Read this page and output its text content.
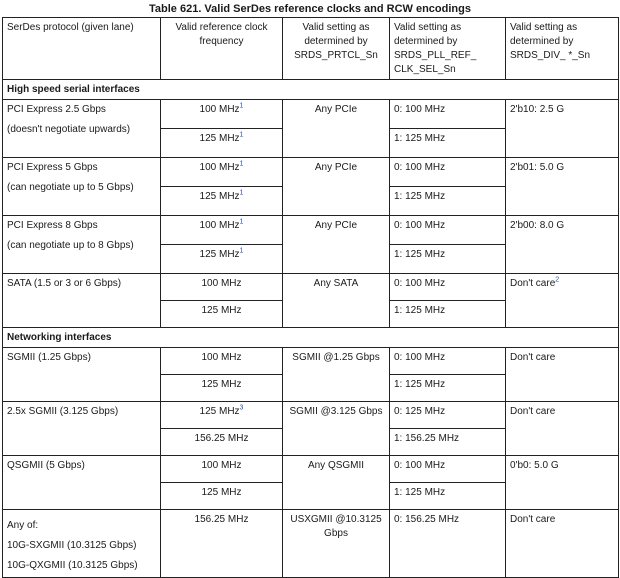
Table 621. Valid SerDes reference clocks and RCW encodings
SerDes protocol (given lane)	Valid reference clock frequency	Valid setting as
determined by
SRDS_PRTCL_Sn	Valid setting as
determined by
SRDS_PLL_REF_
CLK_SEL_Sn	Valid setting as
determined by
SRDS_DIV_ *_Sn
High speed serial interfaces				
PCI Express 2.5 Gbps

(doesn't negotiate upwards)	100 MHz$^1$	Any PCIe	0: 100 MHz	2'b10: 2.5 G
	125 MHz$^1$		1: 125 MHz	
PCI Express 5 Gbps

(can negotiate up to 5 Gbps)	100 MHz$^1$	Any PCIe	0: 100 MHz	2'b01: 5.0 G
	125 MHz$^1$		1: 125 MHz	
PCI Express 8 Gbps

(can negotiate up to 8 Gbps)	100 MHz$^1$	Any PCIe	0: 100 MHz	2'b00: 8.0 G
	125 MHz$^1$		1: 125 MHz	
SATA (1.5 or 3 or 6 Gbps)	100 MHz	Any SATA	0: 100 MHz	Don't care$^2$
	125 MHz		1: 125 MHz	
Networking interfaces				
SGMII (1.25 Gbps)	100 MHz	SGMII @1.25 Gbps	0: 100 MHz	Don't care
	125 MHz		1: 125 MHz	
2.5x SGMII (3.125 Gbps)	125 MHz$^3$	SGMII @3.125 Gbps	0: 125 MHz	Don't care
	156.25 MHz		1: 156.25 MHz	
QSGMII (5 Gbps)	100 MHz	Any QSGMII	0: 100 MHz	0'b0: 5.0 G
	125 MHz		1: 125 MHz	

Any of:
10G-SXGMII (10.3125 Gbps)
10G-QXGMII (10.3125 Gbps)	156.25 MHz	USXGMII @10.3125
Gbps	0: 156.25 MHz	Don't care
